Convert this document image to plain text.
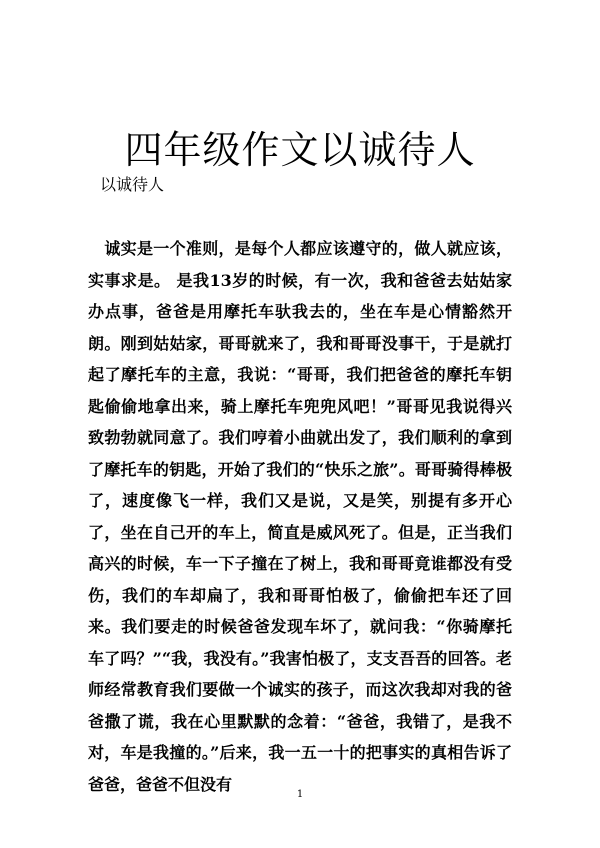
四年级作文以诚待人
以诚待人
诚实是一个准则，是每个人都应该遵守的，做人就应该，实事求是。 是我13岁的时候，有一次，我和爸爸去姑姑家办点事，爸爸是用摩托车驮我去的，坐在车是心情豁然开朗。刚到姑姑家，哥哥就来了，我和哥哥没事干，于是就打起了摩托车的主意，我说：“哥哥，我们把爸爸的摩托车钥匙偷偷地拿出来，骑上摩托车兜兜风吧！”哥哥见我说得兴致勃勃就同意了。我们哼着小曲就出发了，我们顺利的拿到了摩托车的钥匙，开始了我们的“快乐之旅”。哥哥骑得棒极了，速度像飞一样，我们又是说，又是笑，别提有多开心了，坐在自己开的车上，简直是威风死了。但是，正当我们高兴的时候，车一下子撞在了树上，我和哥哥竟谁都没有受伤，我们的车却扁了，我和哥哥怕极了，偷偷把车还了回来。我们要走的时候爸爸发现车坏了，就问我：“你骑摩托车了吗？”“我，我没有。”我害怕极了，支支吾吾的回答。老师经常教育我们要做一个诚实的孩子，而这次我却对我的爸爸撒了谎，我在心里默默的念着：“爸爸，我错了，是我不对，车是我撞的。”后来，我一五一十的把事实的真相告诉了爸爸，爸爸不但没有
1
